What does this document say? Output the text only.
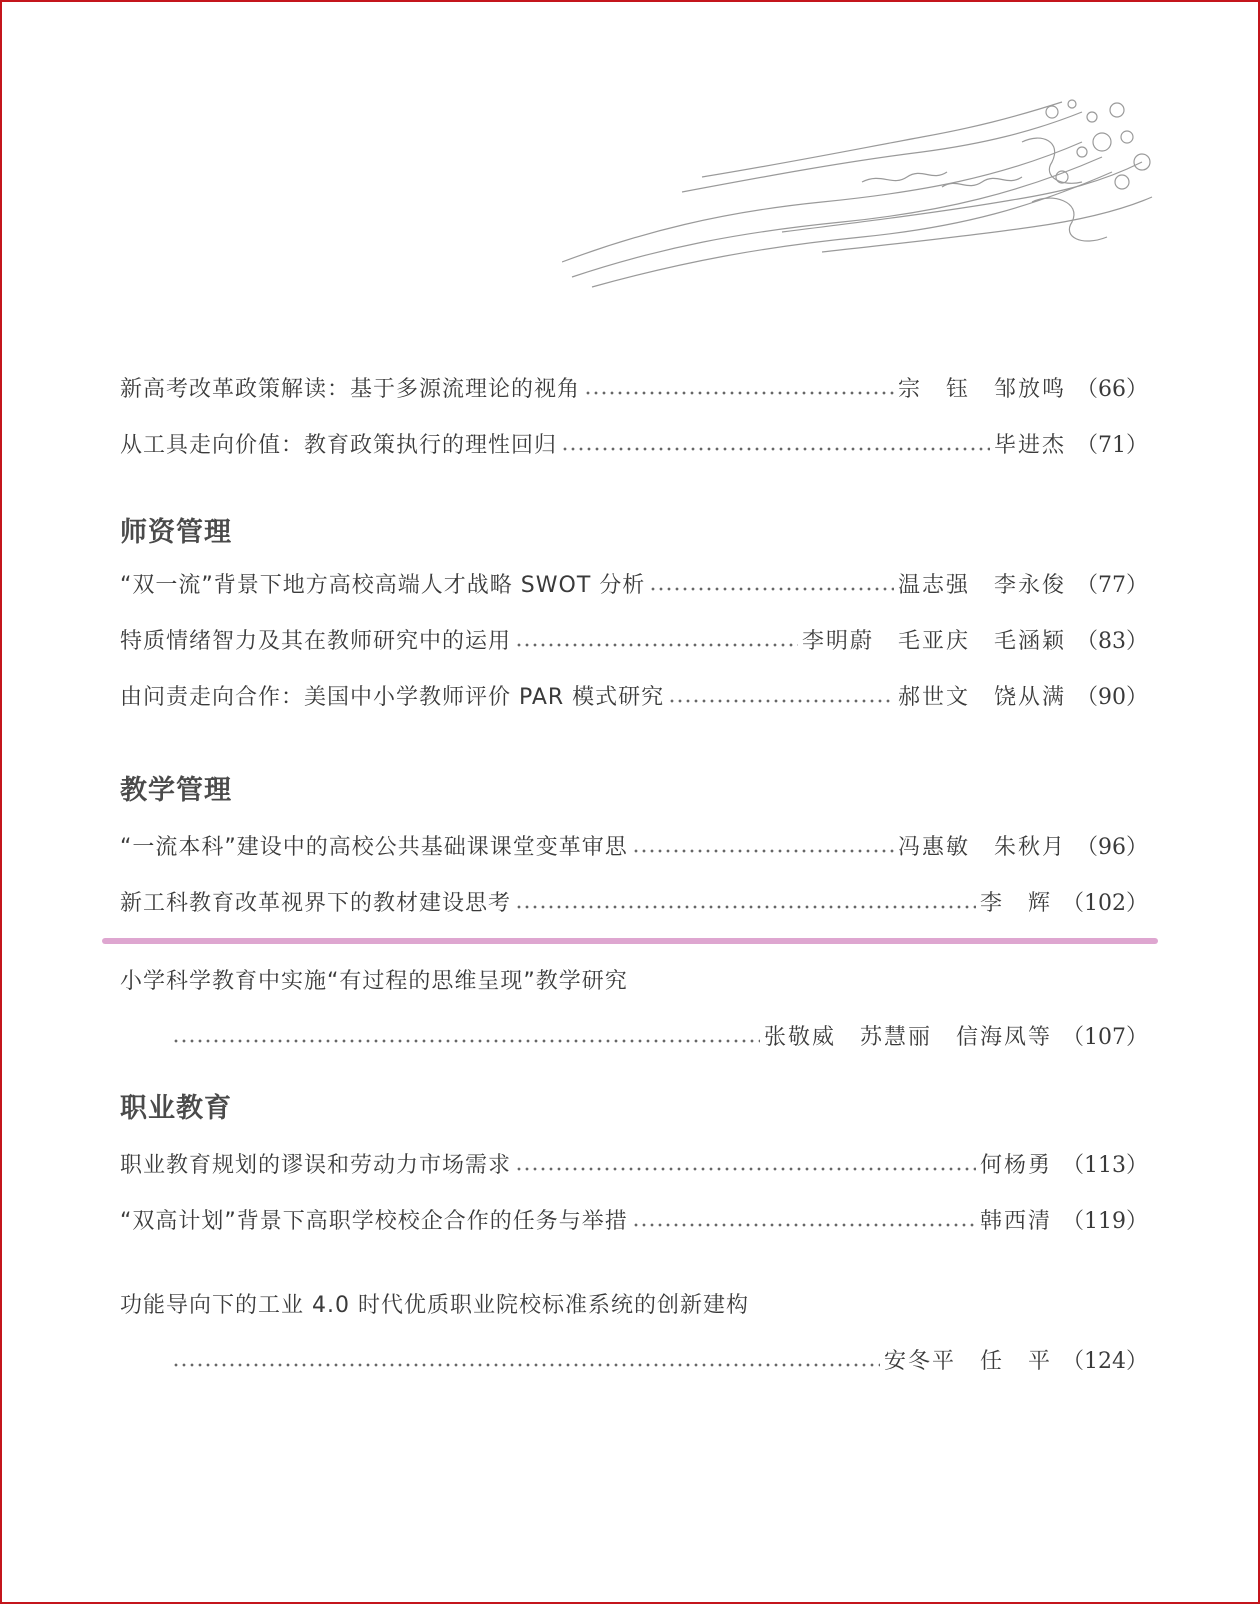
新高考改革政策解读：基于多源流理论的视角	宗　钰　邹放鸣 （66）
从工具走向价值：教育政策执行的理性回归	毕进杰 （71）
师资管理
“双一流”背景下地方高校高端人才战略 SWOT 分析	温志强　李永俊 （77）
特质情绪智力及其在教师研究中的运用	李明蔚　毛亚庆　毛涵颖 （83）
由问责走向合作：美国中小学教师评价 PAR 模式研究	郝世文　饶从满 （90）
教学管理
“一流本科”建设中的高校公共基础课课堂变革审思	冯惠敏　朱秋月 （96）
新工科教育改革视界下的教材建设思考	李　辉 （102）
小学科学教育中实施“有过程的思维呈现”教学研究
张敬威　苏慧丽　信海凤等 （107）
职业教育
职业教育规划的谬误和劳动力市场需求	何杨勇 （113）
“双高计划”背景下高职学校校企合作的任务与举措	韩西清 （119）
功能导向下的工业 4.0 时代优质职业院校标准系统的创新建构
安冬平　任　平 （124）
